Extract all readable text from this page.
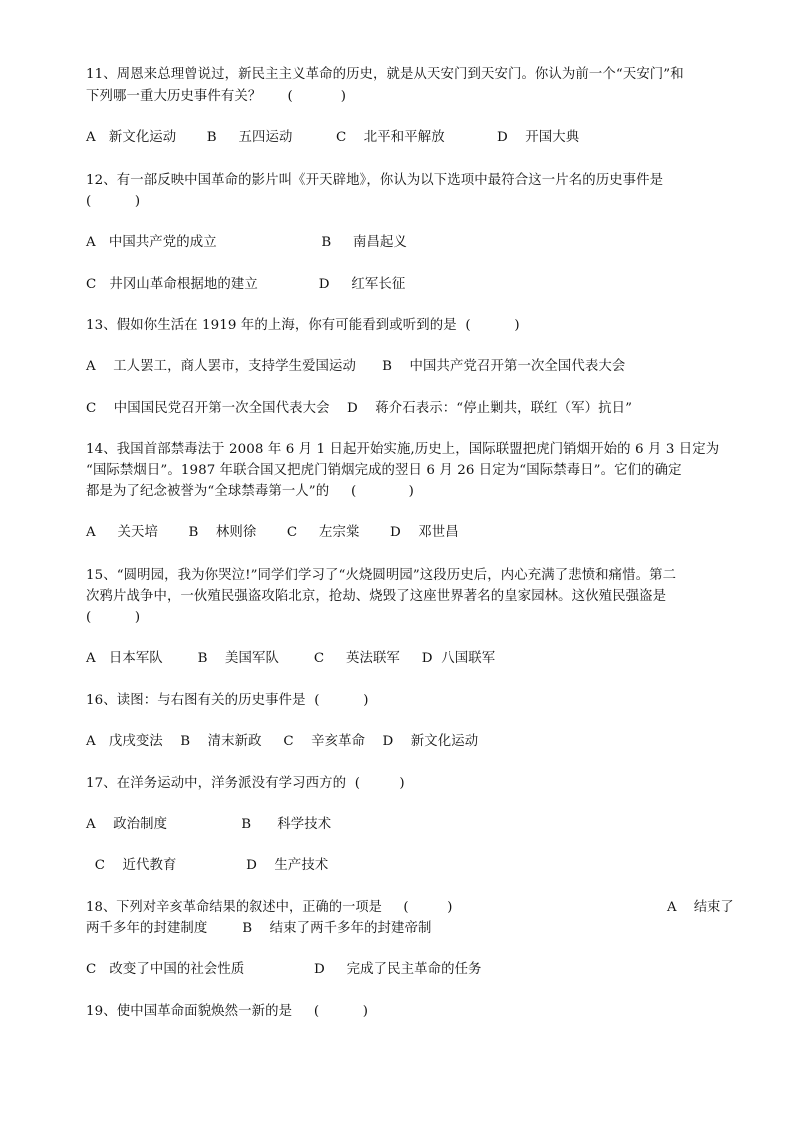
11、周恩来总理曾说过，新民主主义革命的历史，就是从天安门到天安门。你认为前一个“天安门”和
下列哪一重大历史事件有关？      (           )
A   新文化运动       B     五四运动          C    北平和平解放            D    开国大典
12、有一部反映中国革命的影片叫《开天辟地》，你认为以下选项中最符合这一片名的历史事件是
(          )
A   中国共产党的成立                        B     南昌起义
C   井冈山革命根据地的建立              D     红军长征
13、假如你生活在 1919 年的上海，你有可能看到或听到的是  (          )
A    工人罢工，商人罢市，支持学生爱国运动      B    中国共产党召开第一次全国代表大会
C    中国国民党召开第一次全国代表大会    D    蒋介石表示：“停止剿共，联红（军）抗日”
14、我国首部禁毒法于 2008 年 6 月 1 日起开始实施,历史上，国际联盟把虎门销烟开始的 6 月 3 日定为
“国际禁烟日”。1987 年联合国又把虎门销烟完成的翌日 6 月 26 日定为“国际禁毒日”。它们的确定
都是为了纪念被誉为“全球禁毒第一人”的     (            )
A     关天培       B    林则徐       C     左宗棠       D    邓世昌
15、“圆明园，我为你哭泣!”同学们学习了“火烧圆明园”这段历史后，内心充满了悲愤和痛惜。第二
次鸦片战争中，一伙殖民强盗攻陷北京，抢劫、烧毁了这座世界著名的皇家园林。这伙殖民强盗是
(          )
A   日本军队        B    美国军队        C     英法联军     D  八国联军
16、读图：与右图有关的历史事件是  (          )
A   戊戌变法    B    清末新政     C    辛亥革命    D    新文化运动
17、在洋务运动中，洋务派没有学习西方的  (         )
A    政治制度                 B      科学技术
C    近代教育                D    生产技术
18、下列对辛亥革命结果的叙述中，正确的一项是     (         )                                                  A    结束了
两千多年的封建制度        B    结束了两千多年的封建帝制
C   改变了中国的社会性质                D     完成了民主革命的任务
19、使中国革命面貌焕然一新的是     (          )
